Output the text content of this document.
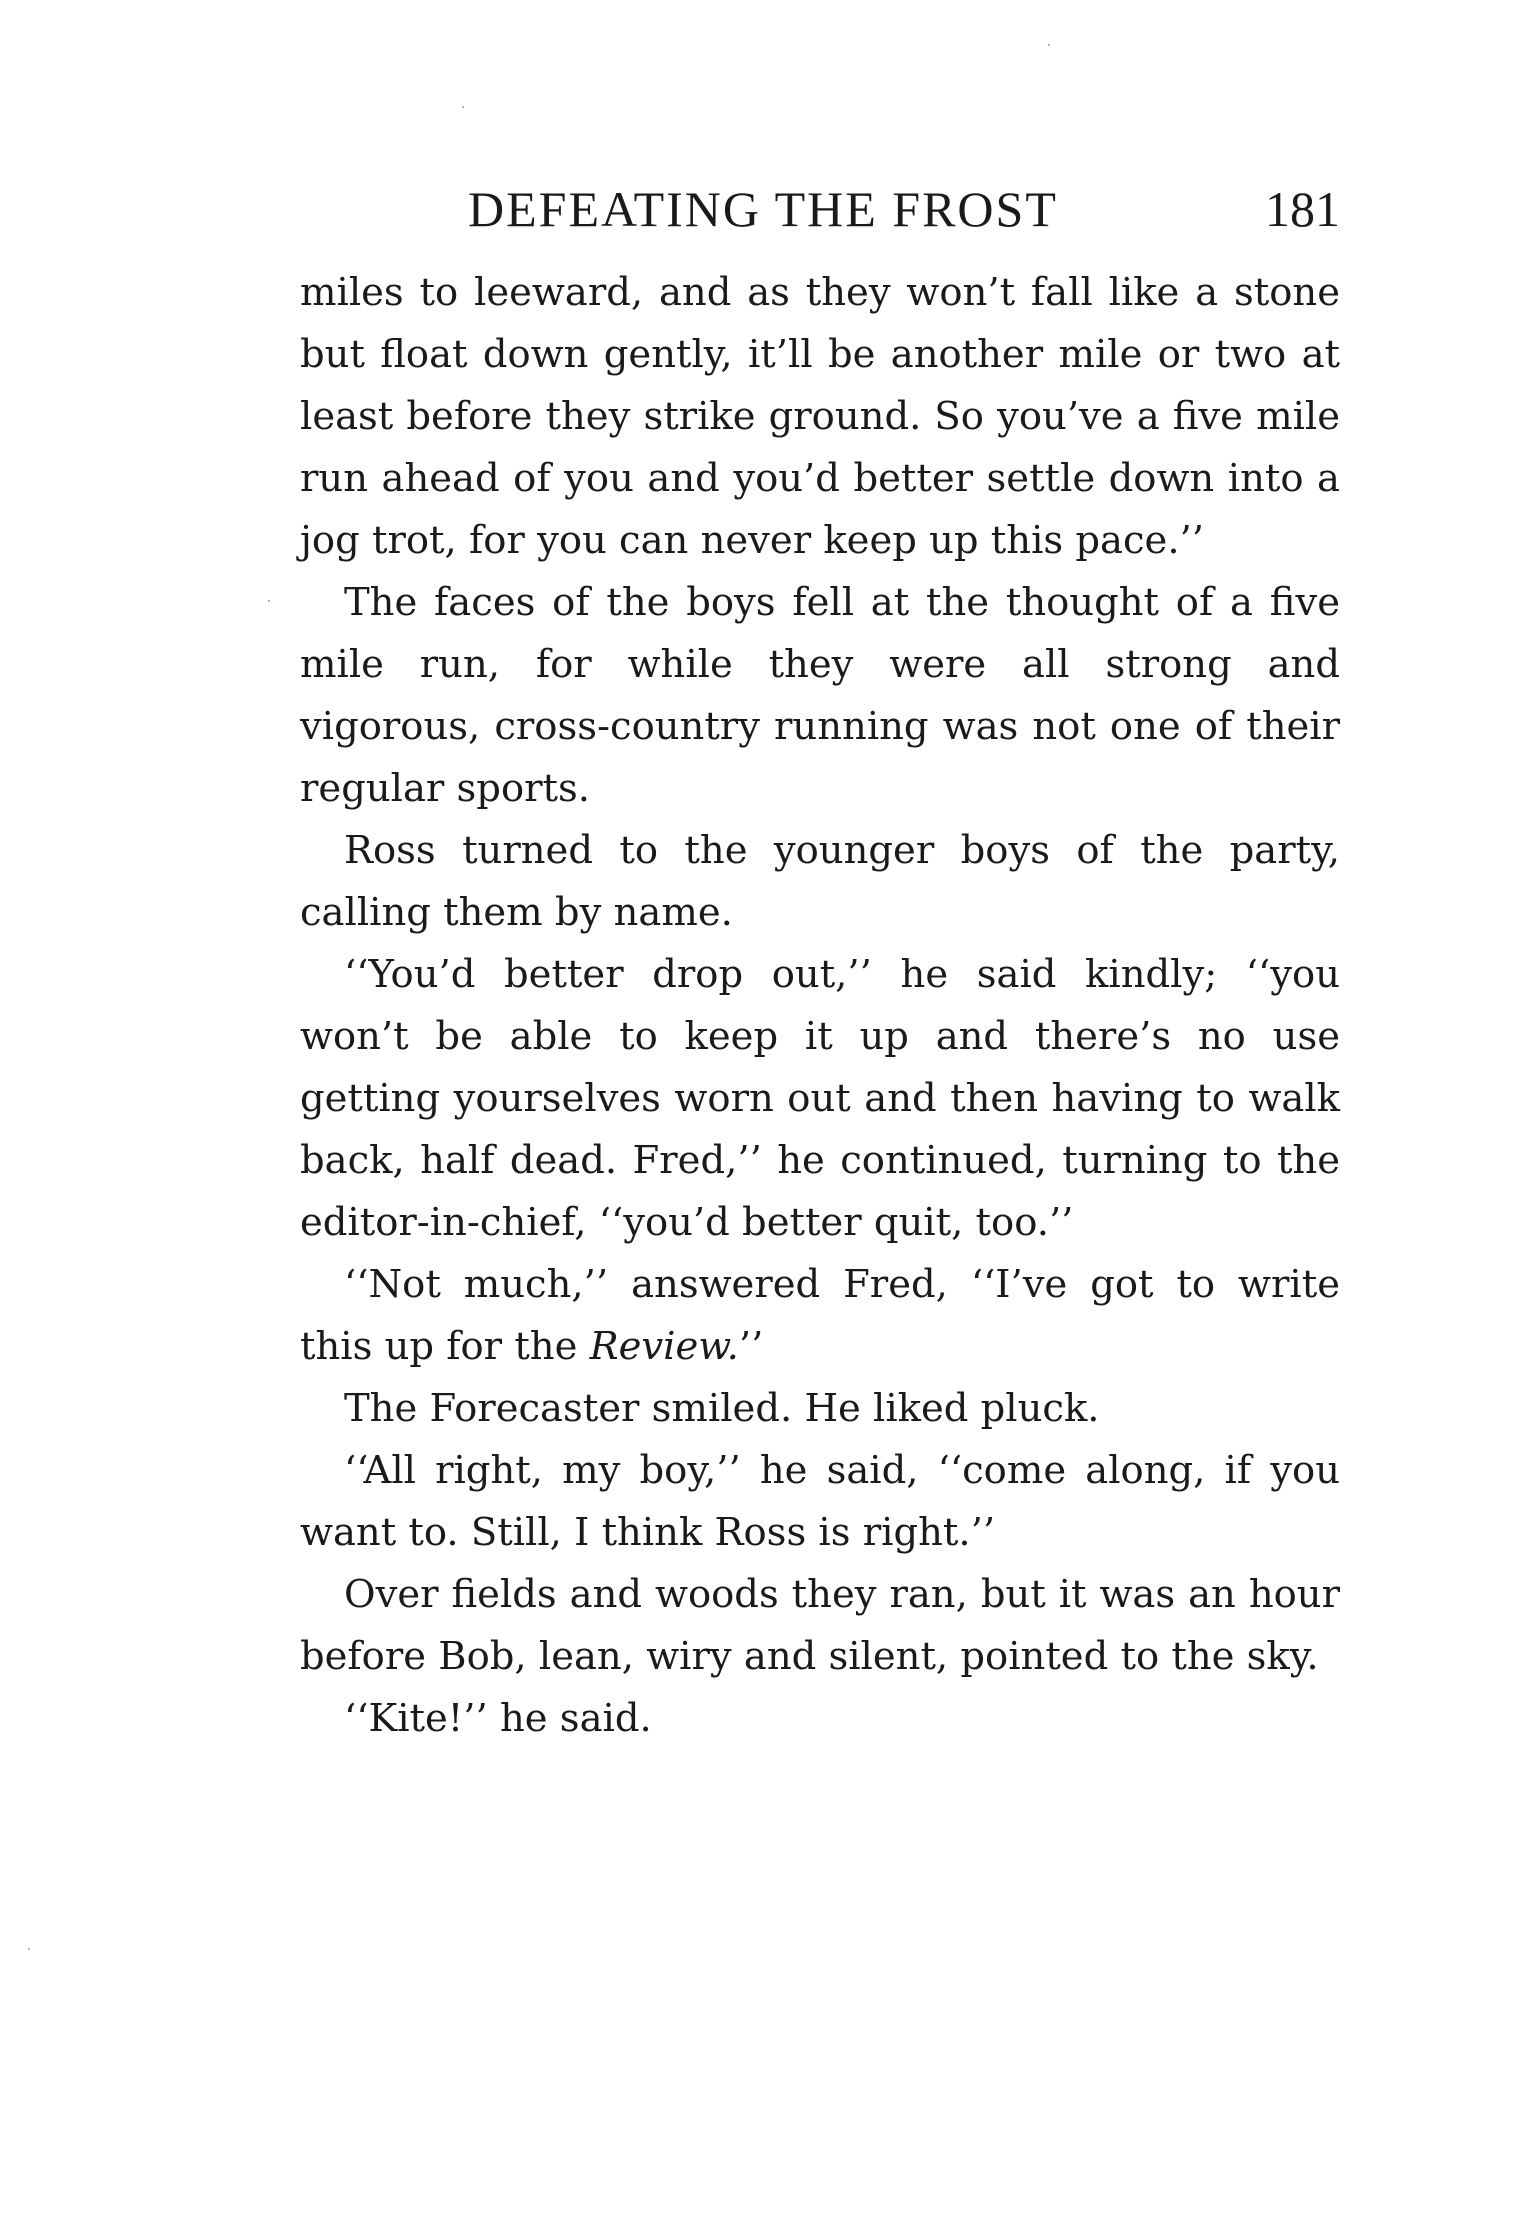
DEFEATING THE FROST	181

miles to leeward, and as they won’t fall like a stone but float down gently, it’ll be another mile or two at least before they strike ground. So you’ve a five mile run ahead of you and you’d better settle down into a jog trot, for you can never keep up this pace.’’

The faces of the boys fell at the thought of a five mile run, for while they were all strong and vigorous, cross-country running was not one of their regular sports.

Ross turned to the younger boys of the party, calling them by name.

‘‘You’d better drop out,’’ he said kindly; ‘‘you won’t be able to keep it up and there’s no use getting yourselves worn out and then having to walk back, half dead. Fred,’’ he continued, turning to the editor-in-chief, ‘‘you’d better quit, too.’’

‘‘Not much,’’ answered Fred, ‘‘I’ve got to write this up for the Review.’’

The Forecaster smiled. He liked pluck.

‘‘All right, my boy,’’ he said, ‘‘come along, if you want to. Still, I think Ross is right.’’

Over fields and woods they ran, but it was an hour before Bob, lean, wiry and silent, pointed to the sky.

‘‘Kite!’’ he said.
